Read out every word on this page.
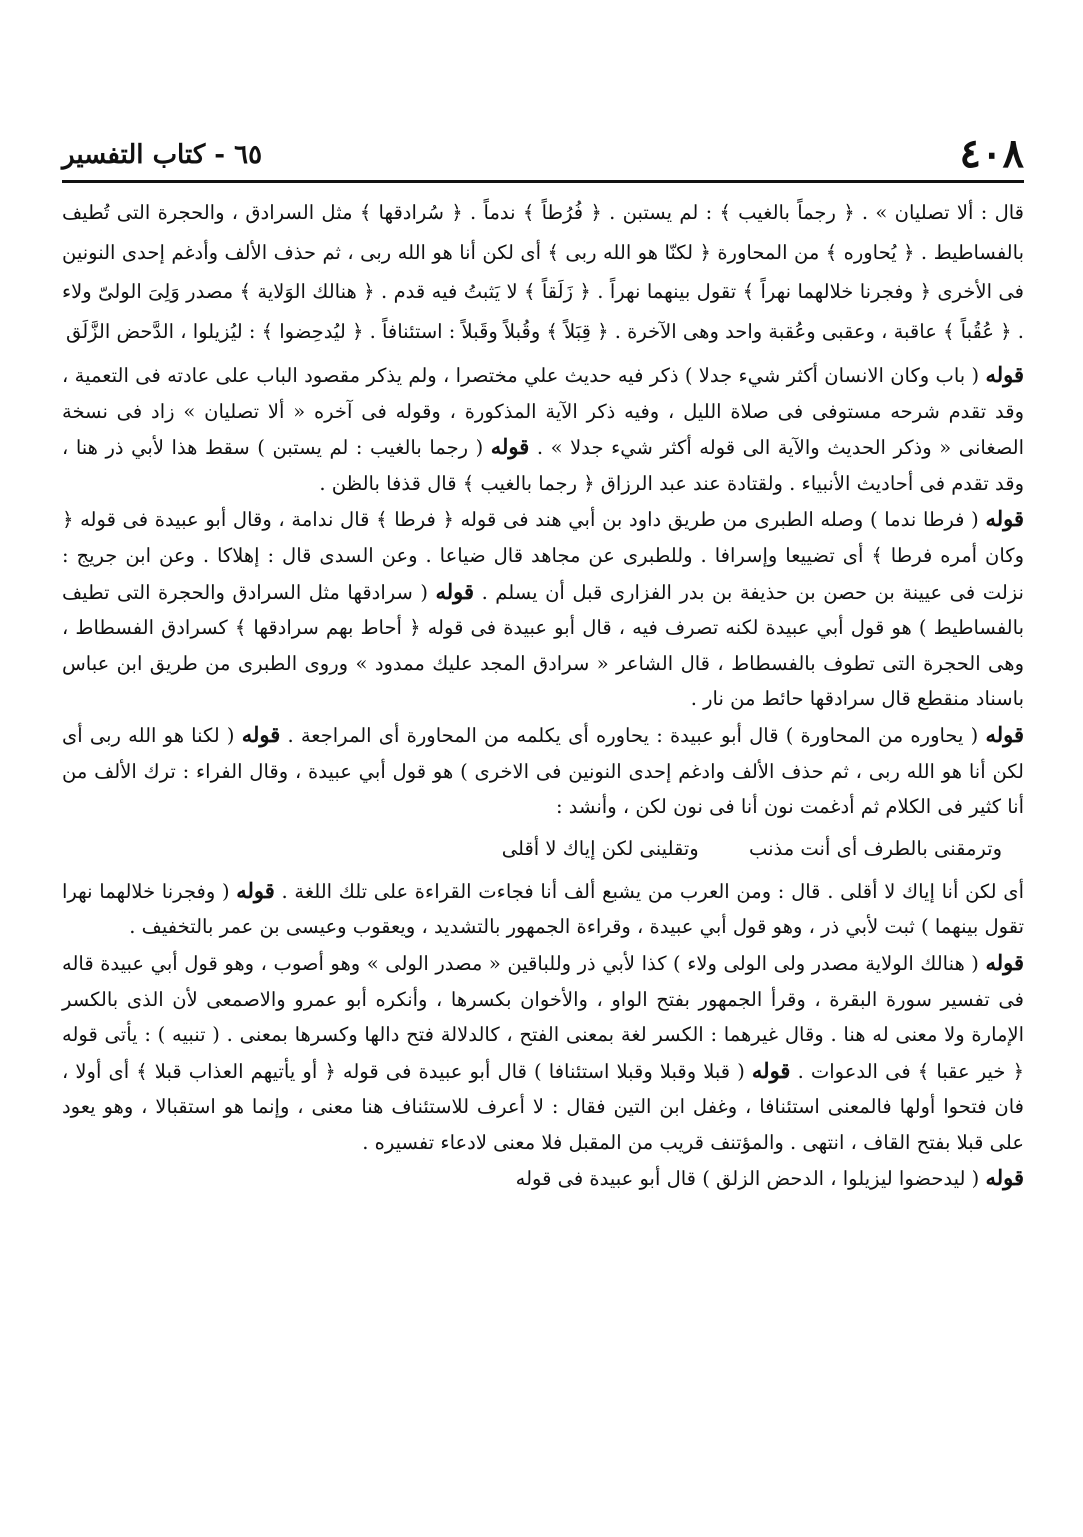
٤٠٨
٦٥ - كتاب التفسير
قال : ألا تصليان » . ﴿ رجماً بالغيب ﴾ : لم يستبن . ﴿ فُرُطاً ﴾ ندماً . ﴿ سُرادقها ﴾ مثل السرادق ، والحجرة التى تُطيف بالفساطيط . ﴿ يُحاوره ﴾ من المحاورة ﴿ لكنّا هو الله ربى ﴾ أى لكن أنا هو الله ربى ، ثم حذف الألف وأدغم إحدى النونين فى الأخرى ﴿ وفجرنا خلالهما نهراً ﴾ تقول بينهما نهراً . ﴿ زَلَقاً ﴾ لا يَثبتُ فيه قدم . ﴿ هنالك الوَلاية ﴾ مصدر وَلِىَ الولىّ ولاء . ﴿ عُقُباً ﴾ عاقبة ، وعقبى وعُقبة واحد وهى الآخرة . ﴿ قِبَلاً ﴾ وقُبلاً وقَبلاً : استئنافاً . ﴿ ليُدحِضوا ﴾ : ليُزيلوا ، الدَّحض الزَّلَق

قوله ( باب وكان الانسان أكثر شيء جدلا ) ذكر فيه حديث علي مختصرا ، ولم يذكر مقصود الباب على عادته فى التعمية ، وقد تقدم شرحه مستوفى فى صلاة الليل ، وفيه ذكر الآية المذكورة ، وقوله فى آخره « ألا تصليان » زاد فى نسخة الصغانى « وذكر الحديث والآية الى قوله أكثر شيء جدلا » . قوله ( رجما بالغيب : لم يستبن ) سقط هذا لأبي ذر هنا ، وقد تقدم فى أحاديث الأنبياء . ولقتادة عند عبد الرزاق ﴿ رجما بالغيب ﴾ قال قذفا بالظن .

قوله ( فرطا ندما ) وصله الطبرى من طريق داود بن أبي هند فى قوله ﴿ فرطا ﴾ قال ندامة ، وقال أبو عبيدة فى قوله ﴿ وكان أمره فرطا ﴾ أى تضييعا وإسرافا . وللطبرى عن مجاهد قال ضياعا . وعن السدى قال : إهلاكا . وعن ابن جريج : نزلت فى عيينة بن حصن بن حذيفة بن بدر الفزارى قبل أن يسلم . قوله ( سرادقها مثل السرادق والحجرة التى تطيف بالفساطيط ) هو قول أبي عبيدة لكنه تصرف فيه ، قال أبو عبيدة فى قوله ﴿ أحاط بهم سرادقها ﴾ كسرادق الفسطاط ، وهى الحجرة التى تطوف بالفسطاط ، قال الشاعر « سرادق المجد عليك ممدود » وروى الطبرى من طريق ابن عباس باسناد منقطع قال سرادقها حائط من نار .

قوله ( يحاوره من المحاورة ) قال أبو عبيدة : يحاوره أى يكلمه من المحاورة أى المراجعة . قوله ( لكنا هو الله ربى أى لكن أنا هو الله ربى ، ثم حذف الألف وادغم إحدى النونين فى الاخرى ) هو قول أبي عبيدة ، وقال الفراء : ترك الألف من أنا كثير فى الكلام ثم أدغمت نون أنا فى نون لكن ، وأنشد :

وترمقنى بالطرف أى أنت مذنب وتقلينى لكن إياك لا أقلى

أى لكن أنا إياك لا أقلى . قال : ومن العرب من يشبع ألف أنا فجاءت القراءة على تلك اللغة . قوله ( وفجرنا خلالهما نهرا تقول بينهما ) ثبت لأبي ذر ، وهو قول أبي عبيدة ، وقراءة الجمهور بالتشديد ، ويعقوب وعيسى بن عمر بالتخفيف .

قوله ( هنالك الولاية مصدر ولى الولى ولاء ) كذا لأبي ذر وللباقين « مصدر الولى » وهو أصوب ، وهو قول أبي عبيدة قاله فى تفسير سورة البقرة ، وقرأ الجمهور بفتح الواو ، والأخوان بكسرها ، وأنكره أبو عمرو والاصمعى لأن الذى بالكسر الإمارة ولا معنى له هنا . وقال غيرهما : الكسر لغة بمعنى الفتح ، كالدلالة فتح دالها وكسرها بمعنى . ( تنبيه ) : يأتى قوله ﴿ خير عقبا ﴾ فى الدعوات . قوله ( قبلا وقبلا وقبلا استئنافا ) قال أبو عبيدة فى قوله ﴿ أو يأتيهم العذاب قبلا ﴾ أى أولا ، فان فتحوا أولها فالمعنى استئنافا ، وغفل ابن التين فقال : لا أعرف للاستئناف هنا معنى ، وإنما هو استقبالا ، وهو يعود على قبلا بفتح القاف ، انتهى . والمؤتنف قريب من المقبل فلا معنى لادعاء تفسيره .

قوله ( ليدحضوا ليزيلوا ، الدحض الزلق ) قال أبو عبيدة فى قوله
